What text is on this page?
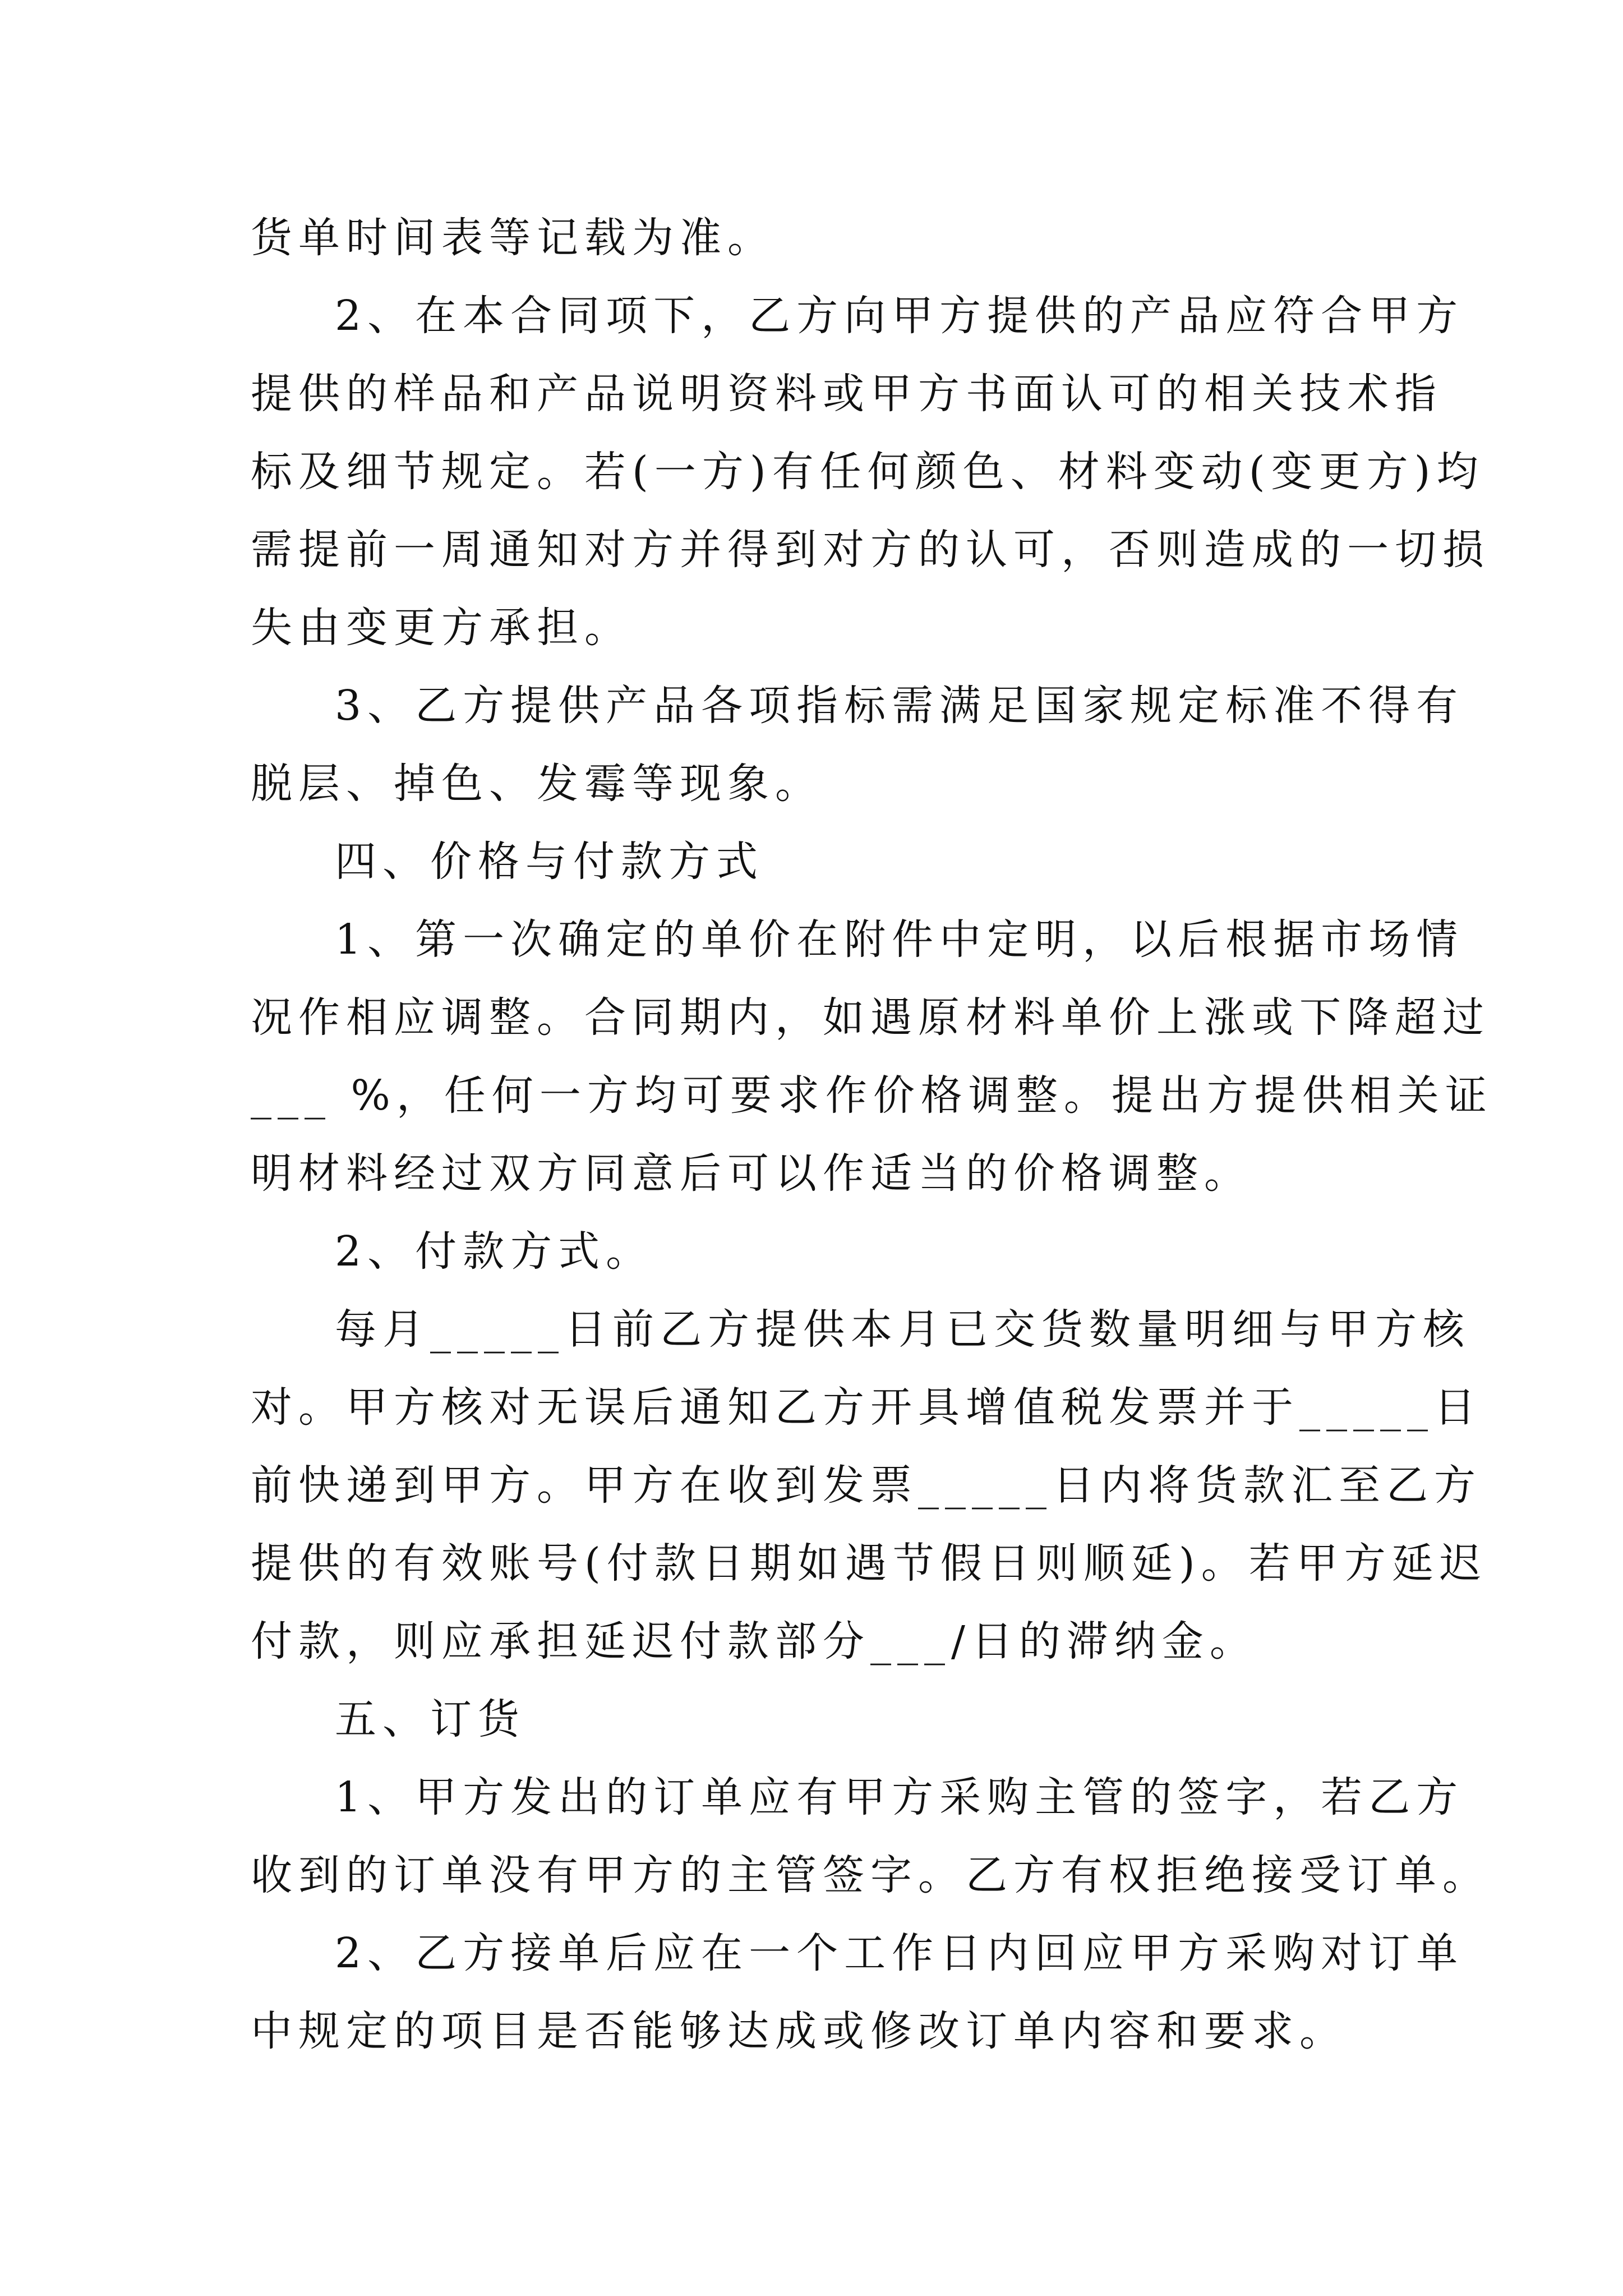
货单时间表等记载为准。
2、在本合同项下，乙方向甲方提供的产品应符合甲方
提供的样品和产品说明资料或甲方书面认可的相关技术指
标及细节规定。若(一方)有任何颜色、材料变动(变更方)均
需提前一周通知对方并得到对方的认可，否则造成的一切损
失由变更方承担。
3、乙方提供产品各项指标需满足国家规定标准不得有
脱层、掉色、发霉等现象。
四、价格与付款方式
1、第一次确定的单价在附件中定明，以后根据市场情
况作相应调整。合同期内，如遇原材料单价上涨或下降超过
___ %，任何一方均可要求作价格调整。提出方提供相关证
明材料经过双方同意后可以作适当的价格调整。
2、付款方式。
每月_____日前乙方提供本月已交货数量明细与甲方核
对。甲方核对无误后通知乙方开具增值税发票并于_____日
前快递到甲方。甲方在收到发票_____日内将货款汇至乙方
提供的有效账号(付款日期如遇节假日则顺延)。若甲方延迟
付款，则应承担延迟付款部分___/日的滞纳金。
五、订货
1、甲方发出的订单应有甲方采购主管的签字，若乙方
收到的订单没有甲方的主管签字。乙方有权拒绝接受订单。
2、乙方接单后应在一个工作日内回应甲方采购对订单
中规定的项目是否能够达成或修改订单内容和要求。
